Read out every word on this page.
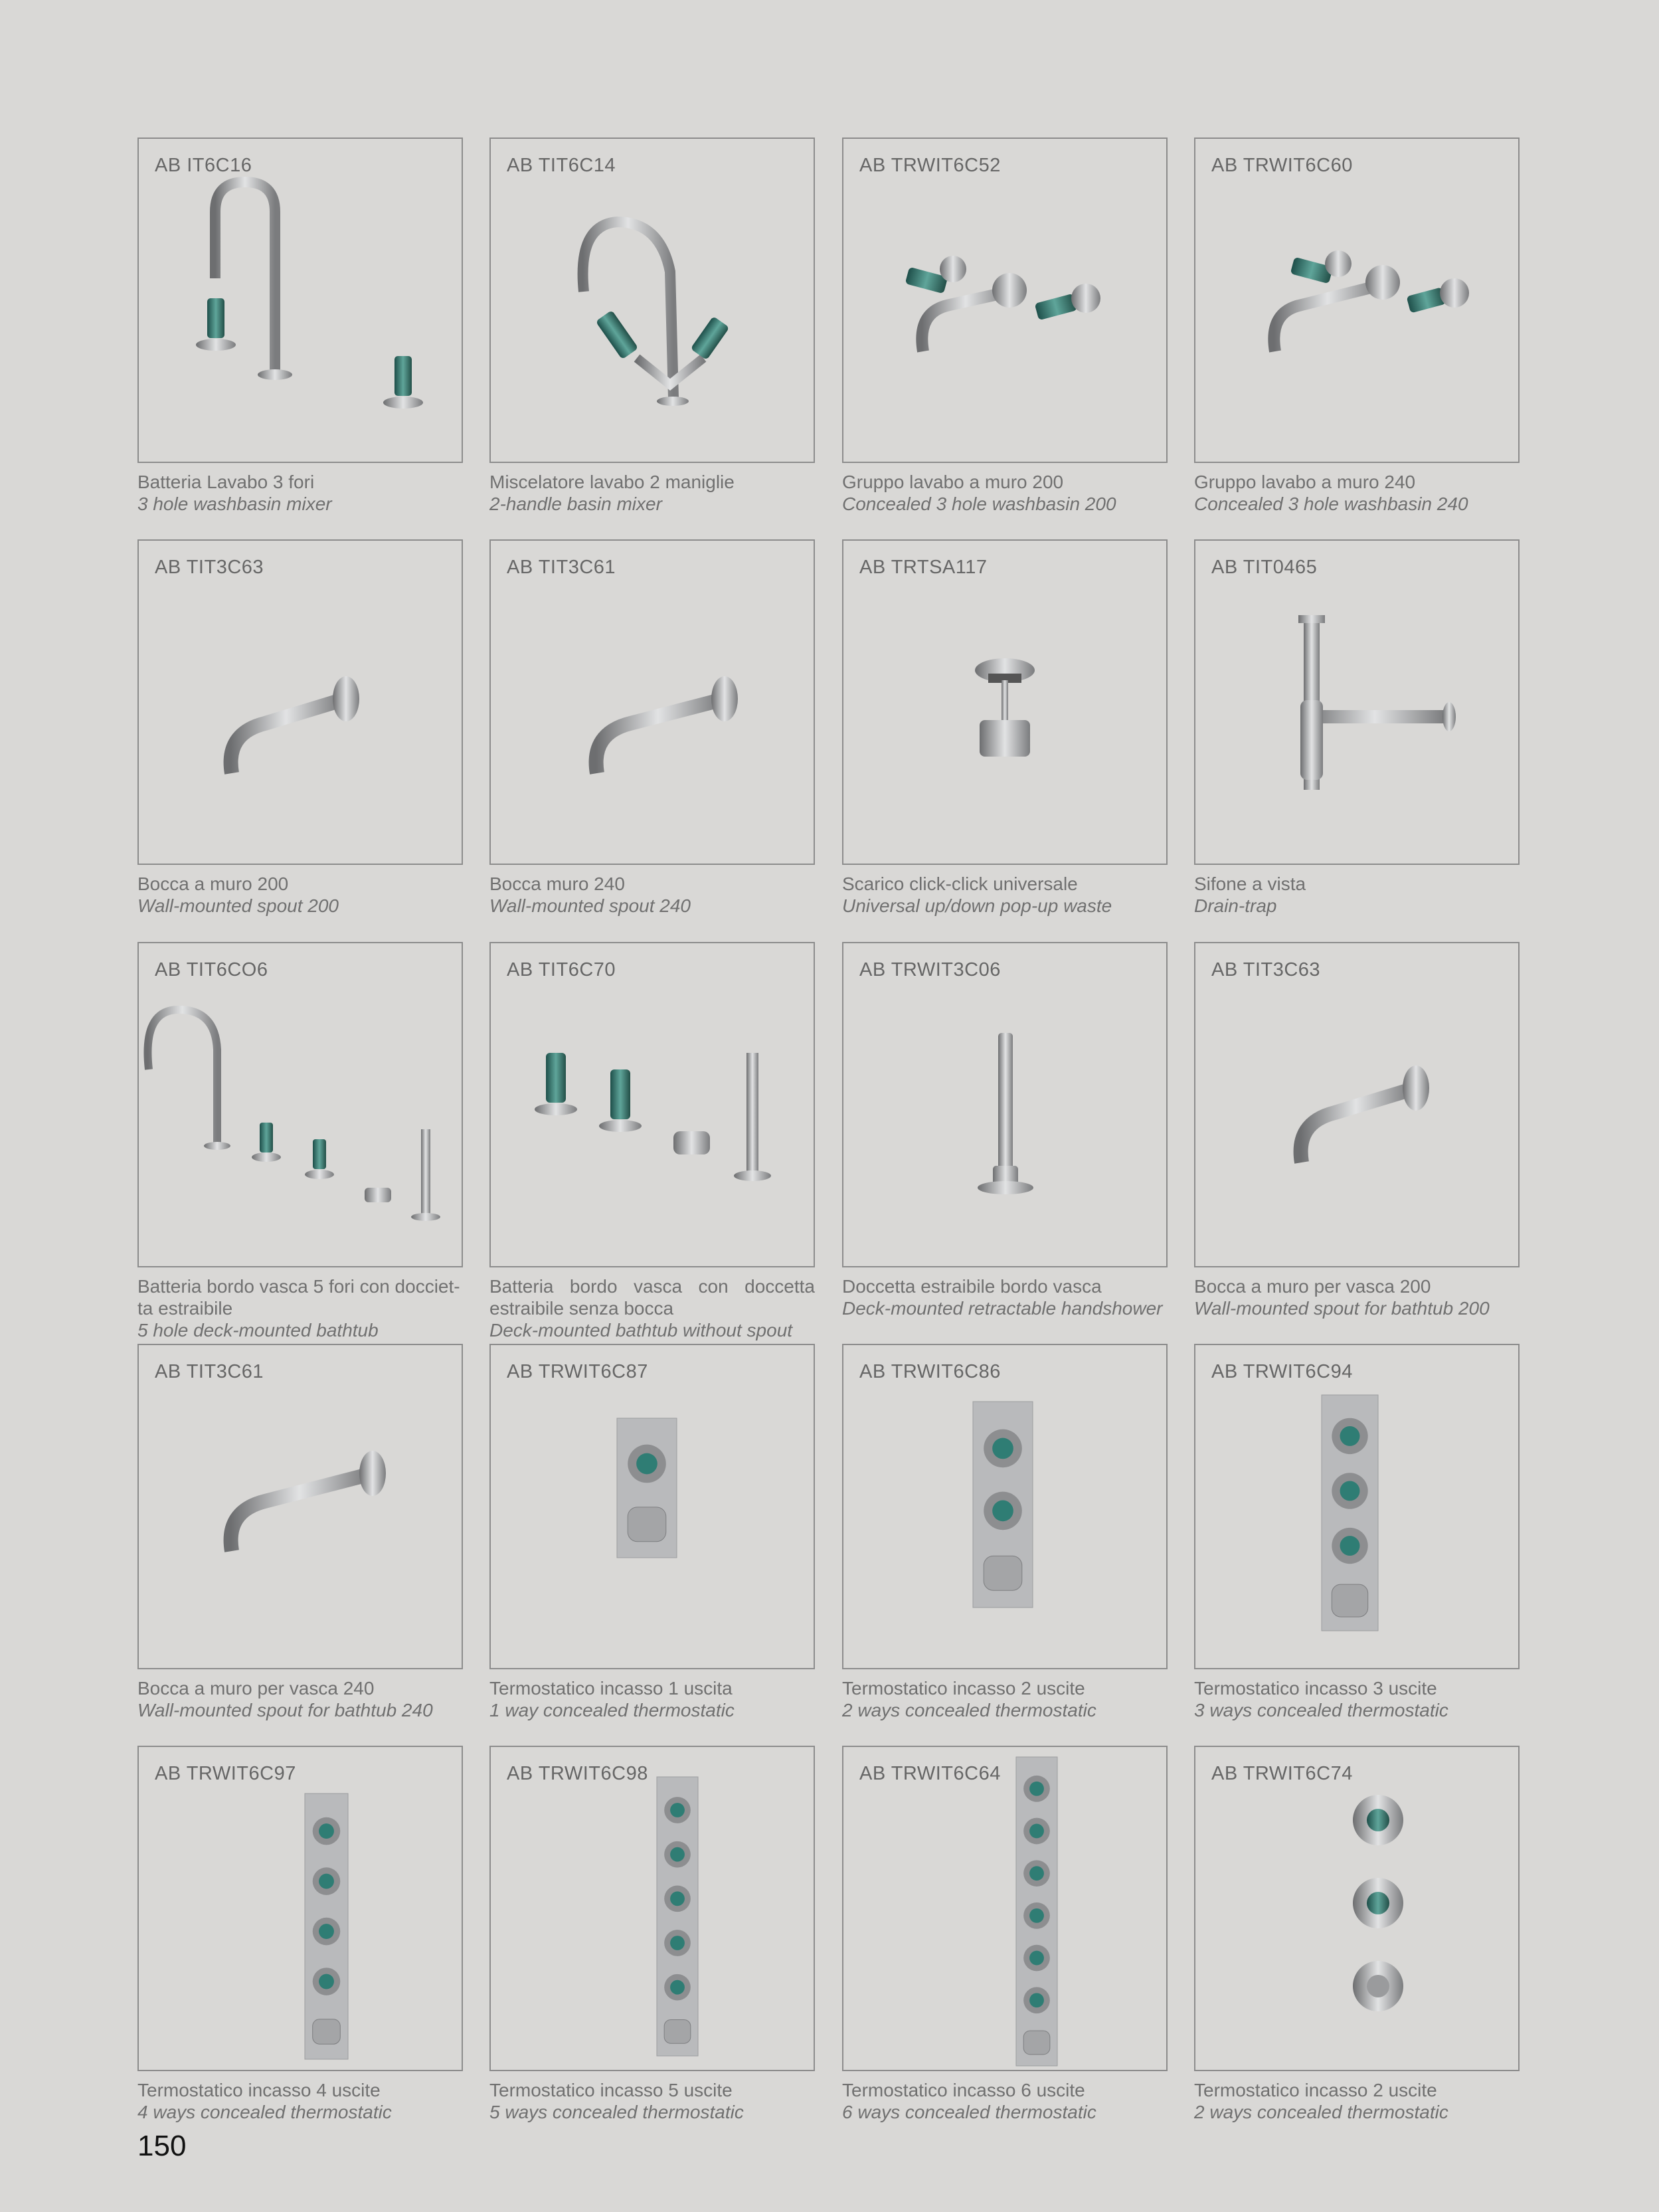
AB IT6C16
Batteria Lavabo 3 fori
3 hole washbasin mixer
AB TIT6C14
Miscelatore lavabo 2 maniglie
2-handle basin mixer
AB TRWIT6C52
Gruppo lavabo a muro 200
Concealed 3 hole washbasin 200
AB TRWIT6C60
Gruppo lavabo a muro 240
Concealed 3 hole washbasin 240
AB TIT3C63
Bocca a muro 200
Wall-mounted spout 200
AB TIT3C61
Bocca muro 240
Wall-mounted spout 240
AB TRTSA117
Scarico click-click universale
Universal up/down pop-up waste
AB TIT0465
Sifone a vista
Drain-trap
AB TIT6CO6
Batteria bordo vasca 5 fori con docciet-ta estraibile
5 hole deck-mounted bathtub
AB TIT6C70
Batteria bordo vasca con doccetta estraibile senza bocca
Deck-mounted bathtub without spout
AB TRWIT3C06
Doccetta estraibile bordo vasca
Deck-mounted retractable handshower
AB TIT3C63
Bocca a muro per vasca 200
Wall-mounted spout for bathtub 200
AB TIT3C61
Bocca a muro per vasca 240
Wall-mounted spout for bathtub 240
AB TRWIT6C87
Termostatico incasso 1 uscita
1 way concealed thermostatic
AB TRWIT6C86
Termostatico incasso 2 uscite
2 ways concealed thermostatic
AB TRWIT6C94
Termostatico incasso 3 uscite
3 ways concealed thermostatic
AB TRWIT6C97
Termostatico incasso 4 uscite
4 ways concealed thermostatic
AB TRWIT6C98
Termostatico incasso 5 uscite
5 ways concealed thermostatic
AB TRWIT6C64
Termostatico incasso 6 uscite
6 ways concealed thermostatic
AB TRWIT6C74
Termostatico incasso 2 uscite
2 ways concealed thermostatic
150
